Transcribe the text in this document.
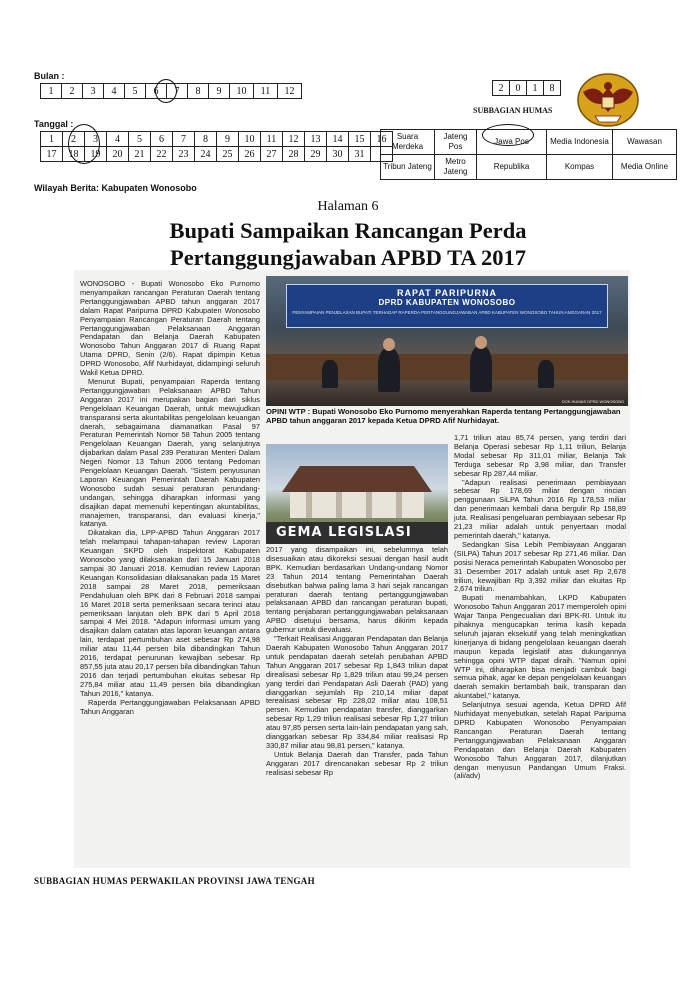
Bulan :
1	2	3	4	5	6	7	8	9	10	11	12
Tanggal :
1	2	3	4	5	6	7	8	9	10	11	12	13	14	15	16
17	18	19	20	21	22	23	24	25	26	27	28	29	30	31	
Wilayah Berita: Kabupaten Wonosobo
2	0	1	8
SUBBAGIAN HUMAS
Suara Merdeka	Jateng Pos	Jawa Pos	Media Indonesia	Wawasan
Tribun Jateng	Metro Jateng	Republika	Kompas	Media Online
Halaman 6
Bupati Sampaikan Rancangan Perda
Pertanggungjawaban APBD TA 2017

WONOSOBO - Bupati Wonosobo Eko Purnomo menyampaikan rancangan Peraturan Daerah tentang Pertanggungjawaban APBD tahun anggaran 2017 dalam Rapat Paripurna DPRD Kabupaten Wonosobo Penyampaian Rancangan Peraturan Daerah tentang Pertanggungjawaban Pelaksanaan Anggaran Pendapatan dan Belanja Daerah Kabupaten Wonosobo Tahun Anggaran 2017 di Ruang Rapat Utama DPRD, Senin (2/6). Rapat dipimpin Ketua DPRD Wonosobo, Afif Nurhidayat, didampingi seluruh Wakil Ketua DPRD.

Menurut Bupati, penyampaian Raperda tentang Pertanggungjawaban Pelaksanaan APBD Tahun Anggaran 2017 ini merupakan bagian dari siklus Pengelolaan Keuangan Daerah, untuk mewujudkan transparansi serta akuntabilitas pengelolaan keuangan daerah, sebagaimana diamanatkan Pasal 97 Peraturan Pemerintah Nomor 58 Tahun 2005 tentang Pengelolaan Keuangan Daerah, yang selanjutnya dijabarkan dalam Pasal 239 Peraturan Menteri Dalam Negeri Nomor 13 Tahun 2006 tentang Pedoman Pengelolaan Keuangan Daerah. "Sistem penyusunan Laporan Keuangan Pemerintah Daerah Kabupaten Wonosobo sudah sesuai peraturan perundang-undangan, sehingga diharapkan informasi yang disajikan dapat memenuhi kepentingan akuntabilitas, manajemen, transparansi, dan evaluasi kinerja," katanya.

Dikatakan dia, LPP-APBD Tahun Anggaran 2017 telah melampaui tahapan-tahapan review Laporan Keuangan SKPD oleh Inspektorat Kabupaten Wonosobo yang dilaksanakan dari 15 Januari 2018 sampai 30 Januari 2018. Kemudian review Laporan Keuangan Konsolidasian dilaksanakan pada 15 Maret 2018 sampai 28 Maret 2018, pemeriksaan Pendahuluan oleh BPK dari 8 Februari 2018 sampai 16 Maret 2018 serta pemeriksaan secara terinci atau pemeriksaan lanjutan oleh BPK dari 5 April 2018 sampai 4 Mei 2018. "Adapun informasi umum yang disajikan dalam catatan atas laporan keuangan antara lain, terdapat pertumbuhan aset sebesar Rp 274,98 miliar atau 11,44 persen bila dibandingkan Tahun 2016, terdapat penurunan kewajiban sebesar Rp 857,55 juta atau 20,17 persen bila dibandingkan Tahun 2016 dan terjadi pertumbuhan ekuitas sebesar Rp 275,84 miliar atau 11,49 persen bila dibandingkan Tahun 2016," katanya.

Raperda Pertanggungjawaban Pelaksanaan APBD Tahun Anggaran

RAPAT PARIPURNA
DPRD KABUPATEN WONOSOBO
PENYAMPAIAN PENJELASAN BUPATI TERHADAP RAPERDA PERTANGGUNGJAWABAN APBD KABUPATEN WONOSOBO TAHUN ANGGARAN 2017
DOK HUMAS DPRD WONOSOBO
OPINI WTP : Bupati Wonosobo Eko Purnomo menyerahkan Raperda tentang Pertanggungjawaban APBD tahun anggaran 2017 kepada Ketua DPRD Afif Nurhidayat.
GEMA LEGISLASI

2017 yang disampaikan ini, sebelumnya telah disesuaikan atau dikoreksi sesuai dengan hasil audit BPK. Kemudian berdasarkan Undang-undang Nomor 23 Tahun 2014 tentang Pemerintahan Daerah disebutkan bahwa paling lama 3 hari sejak rancangan peraturan daerah tentang pertanggungjawaban pelaksanaan APBD dan rancangan peraturan bupati, tentang penjabaran pertanggungjawaban pelaksanaan APBD disetujui bersama, harus dikirim kepada gubernur untuk dievaluasi.

"Terkait Realisasi Anggaran Pendapatan dan Belanja Daerah Kabupaten Wonosobo Tahun Anggaran 2017 untuk pendapatan daerah setelah perubahan APBD Tahun Anggaran 2017 sebesar Rp 1,843 triliun dapat direalisasi sebesar Rp 1,829 triliun atau 99,24 persen yang terdiri dari Pendapatan Asli Daerah (PAD) yang dianggarkan sejumlah Rp 210,14 miliar dapat terealisasi sebesar Rp 228,02 miliar atau 108,51 persen. Kemudian pendapatan transfer, dianggarkan sebesar Rp 1,29 triliun realisasi sebesar Rp 1,27 triliun atau 97,85 persen serta lain-lain pendapatan yang sah, dianggarkan sebesar Rp 334,84 miliar realisasi Rp 330,87 miliar atau 98,81 persen," katanya.

Untuk Belanja Daerah dan Transfer, pada Tahun Anggaran 2017 direncanakan sebesar Rp 2 triliun realisasi sebesar Rp

1,71 triliun atau 85,74 persen, yang terdiri dari Belanja Operasi sebesar Rp 1,11 triliun, Belanja Modal sebesar Rp 311,01 miliar, Belanja Tak Terduga sebesar Rp 3,98 miliar, dan Transfer sebesar Rp 287,44 miliar.

"Adapun realisasi penerimaan pembiayaan sebesar Rp 178,69 miliar dengan rincian penggunaan SiLPA Tahun 2016 Rp 178,53 miliar dan penerimaan kembali dana bergulir Rp 158,89 juta. Realisasi pengeluaran pembiayaan sebesar Rp 21,23 miliar adalah untuk penyertaan modal pemerintah daerah," katanya.

Sedangkan Sisa Lebih Pembiayaan Anggaran (SILPA) Tahun 2017 sebesar Rp 271,46 miliar. Dan posisi Neraca pemerintah Kabupaten Wonosobo per 31 Desember 2017 adalah untuk aset Rp 2,678 triliun, kewajiban Rp 3,392 miliar dan ekuitas Rp 2,674 triliun.

Bupati menambahkan, LKPD Kabupaten Wonosobo Tahun Anggaran 2017 memperoleh opini Wajar Tanpa Pengecualian dari BPK-RI. Untuk itu pihaknya mengucapkan terima kasih kepada seluruh jajaran eksekutif yang telah meningkatkan kinerjanya di bidang pengelolaan keuangan daerah maupun kepada legislatif atas dukungannya sehingga opini WTP dapat diraih. "Namun opini WTP ini, diharapkan bisa menjadi cambuk bagi semua pihak, agar ke depan pengelolaan keuangan daerah semakin bertambah baik, transparan dan akuntabel," katanya.

Selanjutnya sesuai agenda, Ketua DPRD Afif Nurhidayat menyebutkan, setelah Rapat Paripurna DPRD Kabupaten Wonosobo Penyampaian Rancangan Peraturan Daerah tentang Pertanggungjawaban Pelaksanaan Anggaran Pendapatan dan Belanja Daerah Kabupaten Wonosobo Tahun Anggaran 2017, dilanjutkan dengan menyusun Pandangan Umum Fraksi. (ali/adv)

SUBBAGIAN HUMAS PERWAKILAN PROVINSI JAWA TENGAH
